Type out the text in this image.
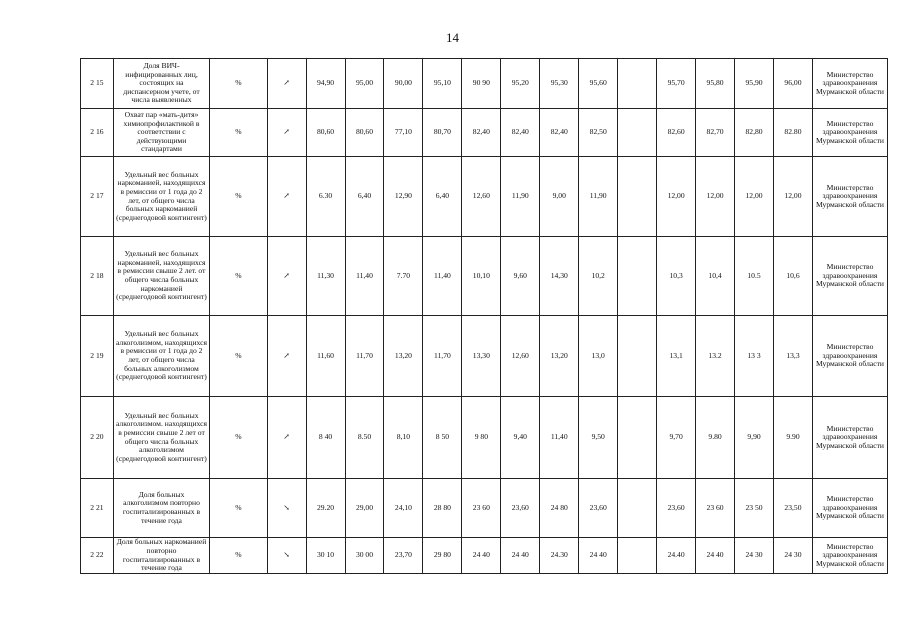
14
2 15	Доля ВИЧ-инфицированных лиц, состоящих на диспансерном учете, от числа выявленных	%	↗	94,90	95,00	90,00	95,10	90 90	95,20	95,30	95,60		95,70	95,80	95,90	96,00	Министерство здравоохранения Мурманской области
2 16	Охват пар «мать-дитя» химиопрофилактикой в соответствии с действующими стандартами	%	↗	80,60	80,60	77,10	80,70	82,40	82,40	82,40	82,50		82,60	82,70	82,80	82.80	Министерство здравоохранения Мурманской области
2 17	Удельный вес больных наркоманией, находящихся в ремиссии от 1 года до 2 лет, от общего числа больных наркоманией (среднегодовой контингент)	%	↗	6.30	6,40	12,90	6,40	12,60	11,90	9,00	11,90		12,00	12,00	12,00	12,00	Министерство здравоохранения Мурманской области
2 18	Удельный вес больных наркоманией, находящихся в ремиссии свыше 2 лет. от общего числа больных наркоманией (среднегодовой контингент)	%	↗	11,30	11,40	7.70	11,40	10,10	9,60	14,30	10,2		10,3	10,4	10.5	10,6	Министерство здравоохранения Мурманской области
2 19	Удельный вес больных алкоголизмом, находящихся в ремиссии от 1 года до 2 лет, от общего числа больных алкоголизмом (среднегодовой контингент)	%	↗	11,60	11,70	13,20	11,70	13,30	12,60	13,20	13,0		13,1	13.2	13 3	13,3	Министерство здравоохранения Мурманской области
2 20	Удельный вес больных алкоголизмом. находящихся в ремиссии свыше 2 лет от общего числа больных алкоголизмом (среднегодовой контингент)	%	↗	8 40	8.50	8,10	8 50	9 80	9,40	11,40	9,50		9,70	9.80	9,90	9.90	Министерство здравоохранения Мурманской области
2 21	Доля больных алкоголизмом повторно госпитализированных в течение года	%	↘	29.20	29,00	24,10	28 80	23 60	23,60	24 80	23,60		23,60	23 60	23 50	23,50	Министерство здравоохранения Мурманской области
2 22	Доля больных наркоманией повторно госпитализированных в течение года	%	↘	30 10	30 00	23,70	29 80	24 40	24 40	24.30	24 40		24.40	24 40	24 30	24 30	Министерство здравоохранения Мурманской области
